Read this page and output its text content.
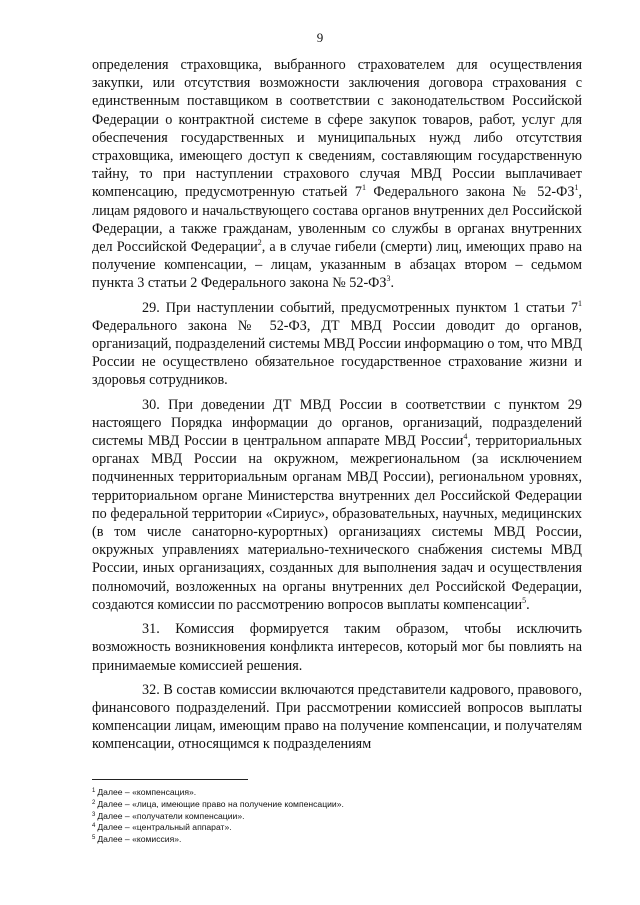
9

определения страховщика, выбранного страхователем для осуществления закупки, или отсутствия возможности заключения договора страхования с единственным поставщиком в соответствии с законодательством Российской Федерации о контрактной системе в сфере закупок товаров, работ, услуг для обеспечения государственных и муниципальных нужд либо отсутствия страховщика, имеющего доступ к сведениям, составляющим государственную тайну, то при наступлении страхового случая МВД России выплачивает компенсацию, предусмотренную статьей $7^1$ Федерального закона № $52-ФЗ^1$, лицам рядового и начальствующего состава органов внутренних дел Российской Федерации, а также гражданам, уволенным со службы в органах внутренних дел Российской Федерации$^2$, а в случае гибели (смерти) лиц, имеющих право на получение компенсации, – лицам, указанным в абзацах втором – седьмом пункта 3 статьи 2 Федерального закона № $52-ФЗ^3$.

29. При наступлении событий, предусмотренных пунктом 1 статьи $7^1$ Федерального закона № 52-ФЗ, ДТ МВД России доводит до органов, организаций, подразделений системы МВД России информацию о том, что МВД России не осуществлено обязательное государственное страхование жизни и здоровья сотрудников.

30. При доведении ДТ МВД России в соответствии с пунктом 29 настоящего Порядка информации до органов, организаций, подразделений системы МВД России в центральном аппарате МВД России$^4$, территориальных органах МВД России на окружном, межрегиональном (за исключением подчиненных территориальным органам МВД России), региональном уровнях, территориальном органе Министерства внутренних дел Российской Федерации по федеральной территории «Сириус», образовательных, научных, медицинских (в том числе санаторно-курортных) организациях системы МВД России, окружных управлениях материально-технического снабжения системы МВД России, иных организациях, созданных для выполнения задач и осуществления полномочий, возложенных на органы внутренних дел Российской Федерации, создаются комиссии по рассмотрению вопросов выплаты компенсации$^5$.

31. Комиссия формируется таким образом, чтобы исключить возможность возникновения конфликта интересов, который мог бы повлиять на принимаемые комиссией решения.

32. В состав комиссии включаются представители кадрового, правового, финансового подразделений. При рассмотрении комиссией вопросов выплаты компенсации лицам, имеющим право на получение компенсации, и получателям компенсации, относящимся к подразделениям

$^1$ Далее – «компенсация».
$^2$ Далее – «лица, имеющие право на получение компенсации».
$^3$ Далее – «получатели компенсации».
$^4$ Далее – «центральный аппарат».
$^5$ Далее – «комиссия».
